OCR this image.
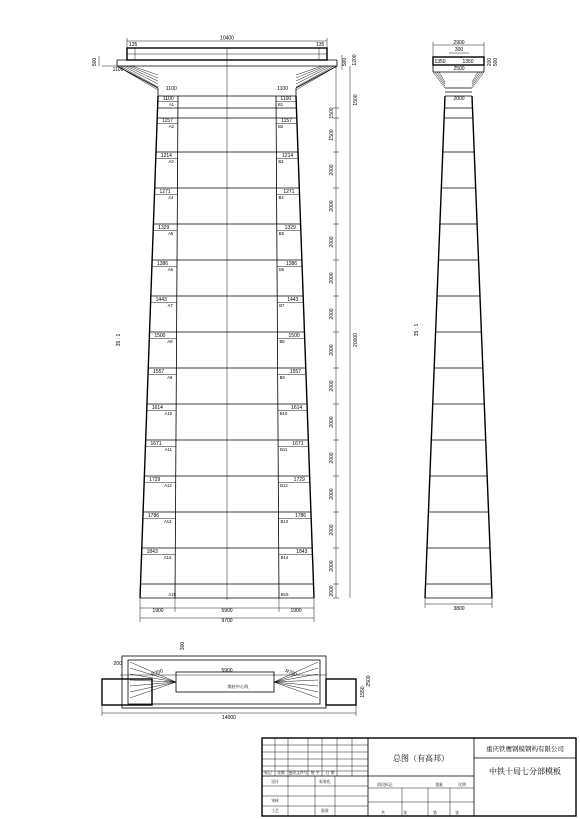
10400
135	135
500
1100
500 1200
1100	1100
1100	1100
A1	B1
1157	1157
A2	B2
1214	1214
A3	B3
1271	1271
A4	B4
1329	1329
A5	B5
1386	1386
A6	B6
1443	1443
A7	B7
1500	1500
A8	B8
1557	1557
A9	B9
1614	1614
A10	B10
1671	1671
A11	B11
1729	1729
A12	B12
1786	1786
A13	B13
1843	1843
A14	B14
A15	B15
1500
1500
2000
2000
2000
2000
2000
2000
2000
2000
2000
2000
2000
2000
2000
1500
20000
35 : 1
1900	5900	1900
9700
2900
300
1350	1350
2500
200 500
2000
35 : 1
3800
5900
R700	R700
墩柱中心线
200
300
1550
2500
14000
总图（有高邦）
重庆铁鹰钢模钢构有限公司
中铁十局七分部模板
标记 处数 更改文件号 签 字 日 期
设计	标准化
审核
工艺	批准
阶段标记	重量	比例
共	张	第	张
